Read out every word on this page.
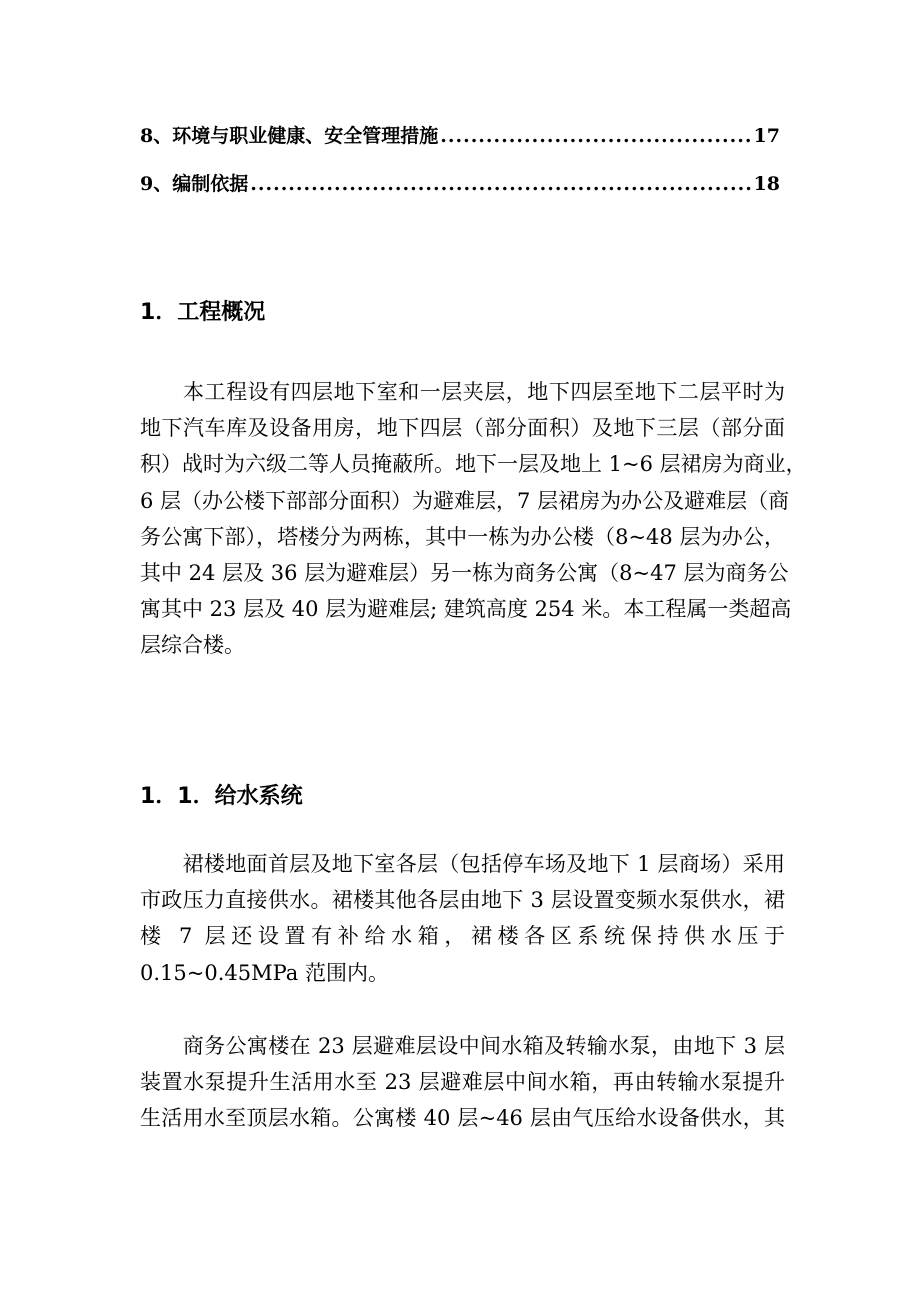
8、环境与职业健康、安全管理措施 .....	17
9、编制依据 .....	18
1．工程概况
　　本工程设有四层地下室和一层夹层，地下四层至地下二层平时为
地下汽车库及设备用房，地下四层（部分面积）及地下三层（部分面
积）战时为六级二等人员掩蔽所。地下一层及地上 1~6 层裙房为商业，
6 层（办公楼下部部分面积）为避难层，7 层裙房为办公及避难层（商
务公寓下部），塔楼分为两栋，其中一栋为办公楼（8~48 层为办公，
其中 24 层及 36 层为避难层）另一栋为商务公寓（8~47 层为商务公
寓其中 23 层及 40 层为避难层; 建筑高度 254 米。本工程属一类超高
层综合楼。
1．1．给水系统
　　裙楼地面首层及地下室各层（包括停车场及地下 1 层商场）采用
市政压力直接供水。裙楼其他各层由地下 3 层设置变频水泵供水，裙
楼 7 层还设置有补给水箱，裙楼各区系统保持供水压于
0.15~0.45MPa 范围内。
　　商务公寓楼在 23 层避难层设中间水箱及转输水泵，由地下 3 层
装置水泵提升生活用水至 23 层避难层中间水箱，再由转输水泵提升
生活用水至顶层水箱。公寓楼 40 层~46 层由气压给水设备供水，其
